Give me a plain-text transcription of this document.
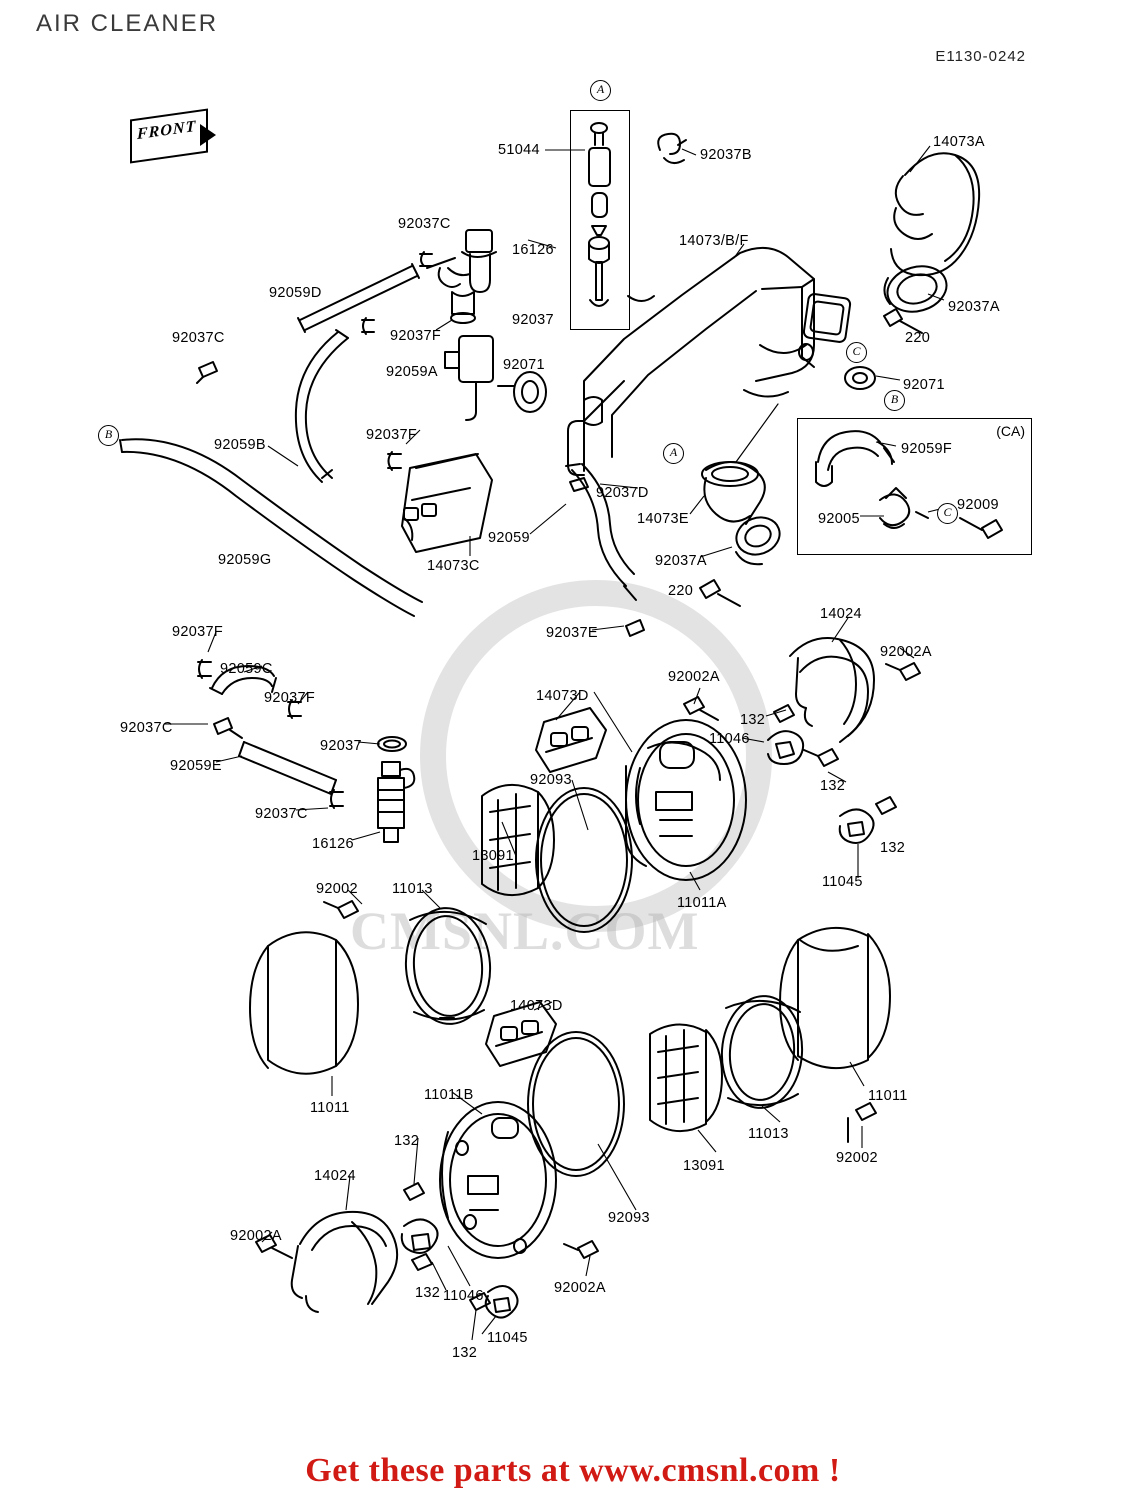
AIR CLEANER
E1130-0242
FRONT
(CA)
CMSNL.COM
Get these parts at www.cmsnl.com !
A
51044	92037B
14073A
92037C
16126
14073/B/F
92059D
92037
92037F
92037A
220
92037C
92059A	92071
C
92071
B
B
92059B
92037F
A	92059F
92037D
14073E	92005	C 92009
92059
92059G	14073C	92037A
220
14024
92037E
92037F
92002A
92059C	92002A
14073D
92037F
132
92037C
11046
92037
92059E
132
92093
92037C
132
16126
11045
13091
11011A
92002 11013
14073D
11011
11011
11011B
13091
11013
92002
132
14024
92093
92002A
11046	92002A
132
11045
132
